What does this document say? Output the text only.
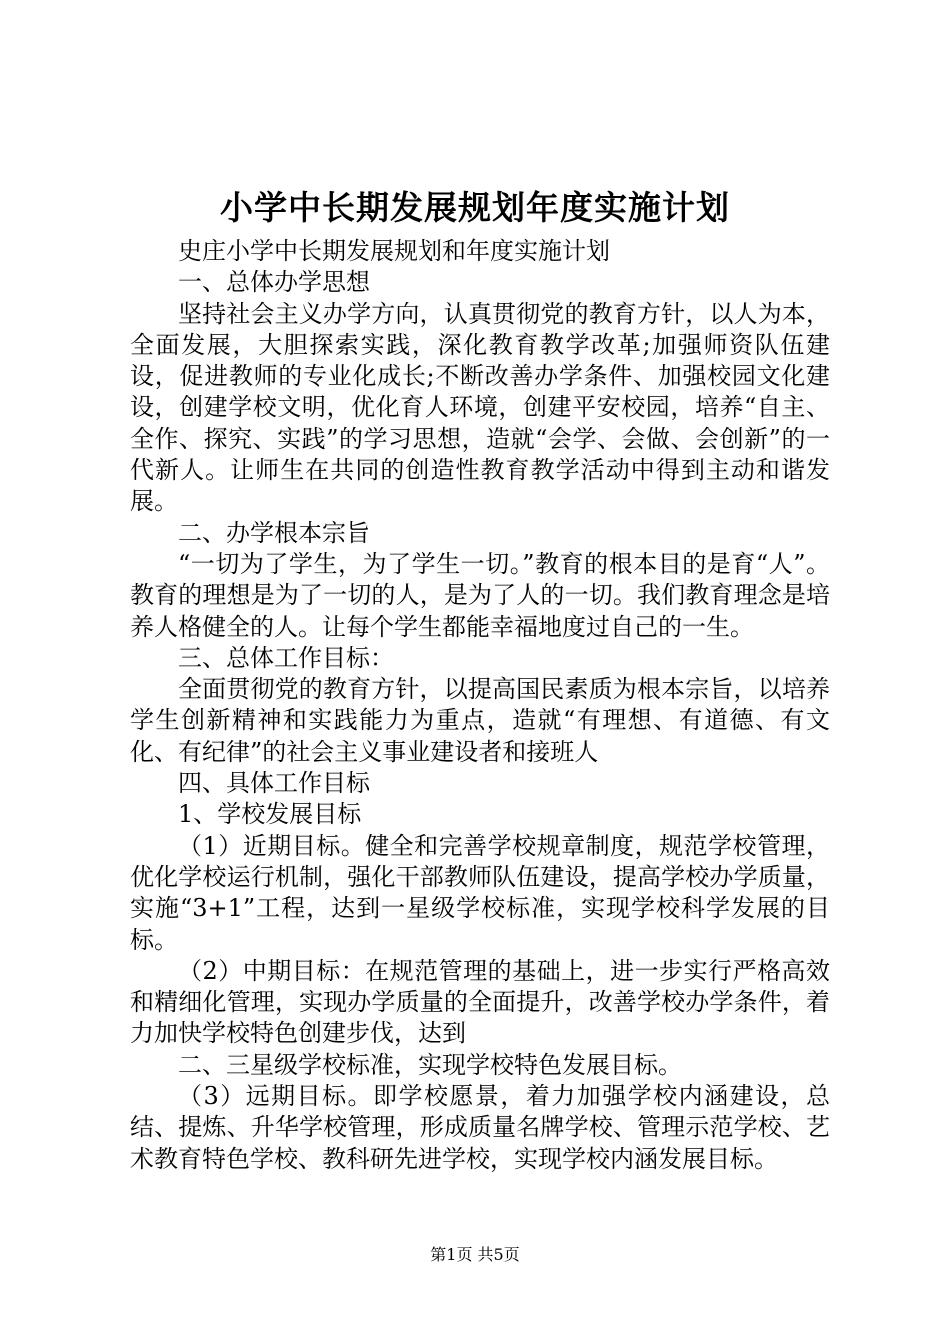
小学中长期发展规划年度实施计划

史庄小学中长期发展规划和年度实施计划

一、总体办学思想

坚持社会主义办学方向，认真贯彻党的教育方针，以人为本，全面发展，大胆探索实践，深化教育教学改革;加强师资队伍建设，促进教师的专业化成长;不断改善办学条件、加强校园文化建设，创建学校文明，优化育人环境，创建平安校园，培养“自主、全作、探究、实践”的学习思想，造就“会学、会做、会创新”的一代新人。让师生在共同的创造性教育教学活动中得到主动和谐发展。

二、办学根本宗旨

“一切为了学生，为了学生一切。”教育的根本目的是育“人”。教育的理想是为了一切的人，是为了人的一切。我们教育理念是培养人格健全的人。让每个学生都能幸福地度过自己的一生。

三、总体工作目标：

全面贯彻党的教育方针，以提高国民素质为根本宗旨，以培养学生创新精神和实践能力为重点，造就“有理想、有道德、有文化、有纪律”的社会主义事业建设者和接班人

四、具体工作目标

1、学校发展目标

（1）近期目标。健全和完善学校规章制度，规范学校管理，优化学校运行机制，强化干部教师队伍建设，提高学校办学质量，实施“3+1”工程，达到一星级学校标准，实现学校科学发展的目标。

（2）中期目标：在规范管理的基础上，进一步实行严格高效和精细化管理，实现办学质量的全面提升，改善学校办学条件，着力加快学校特色创建步伐，达到

二、三星级学校标准，实现学校特色发展目标。

（3）远期目标。即学校愿景，着力加强学校内涵建设，总结、提炼、升华学校管理，形成质量名牌学校、管理示范学校、艺术教育特色学校、教科研先进学校，实现学校内涵发展目标。

第1页 共5页
